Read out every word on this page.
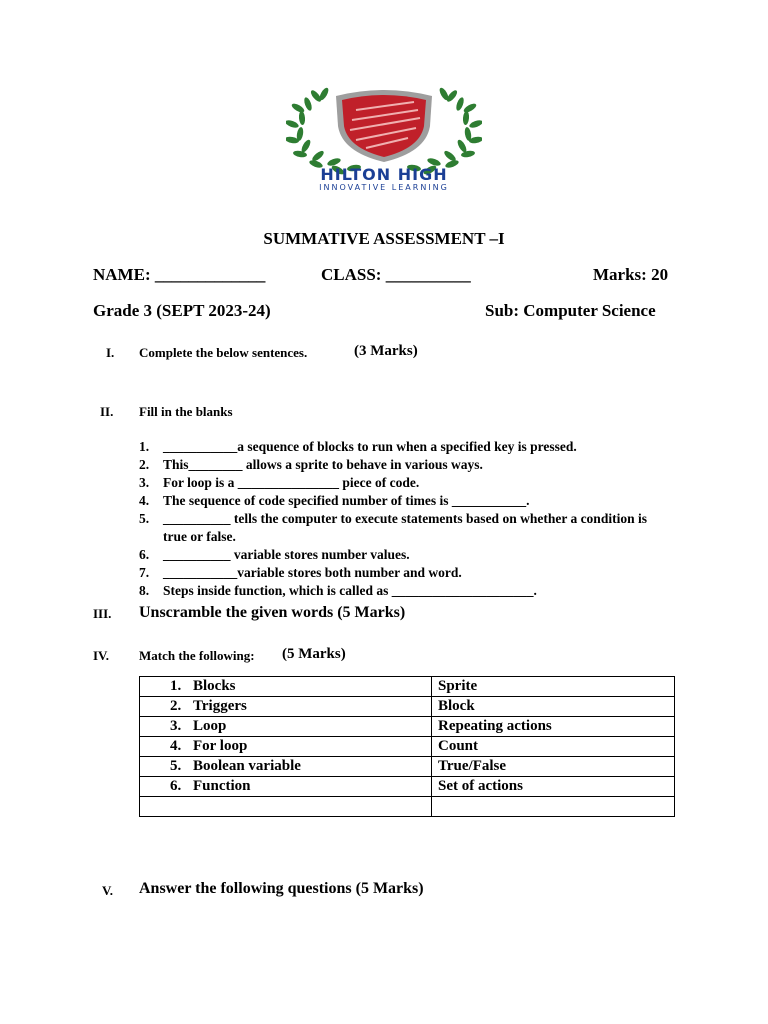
HILTON HIGH
INNOVATIVE LEARNING
SUMMATIVE ASSESSMENT –I
NAME: _____________	CLASS: __________	Marks: 20
Grade 3 (SEPT 2023-24)	Sub: Computer Science
I. Complete the below sentences.	(3 Marks)
II. Fill in the blanks
1. ___________a sequence of blocks to run when a specified key is pressed.
2. This________ allows a sprite to behave in various ways.
3. For loop is a _______________ piece of code.
4. The sequence of code specified number of times is ___________.
5. __________ tells the computer to execute statements based on whether a condition is true or false.
6. __________ variable stores number values.
7. ___________variable stores both number and word.
8. Steps inside function, which is called as _____________________.
III. Unscramble the given words (5 Marks)
IV. Match the following: (5 Marks)
1. Blocks	Sprite

2. Triggers	Block

3. Loop	Repeating actions

4. For loop	Count

5. Boolean variable	True/False

6. Function	Set of actions

V. Answer the following questions (5 Marks)
